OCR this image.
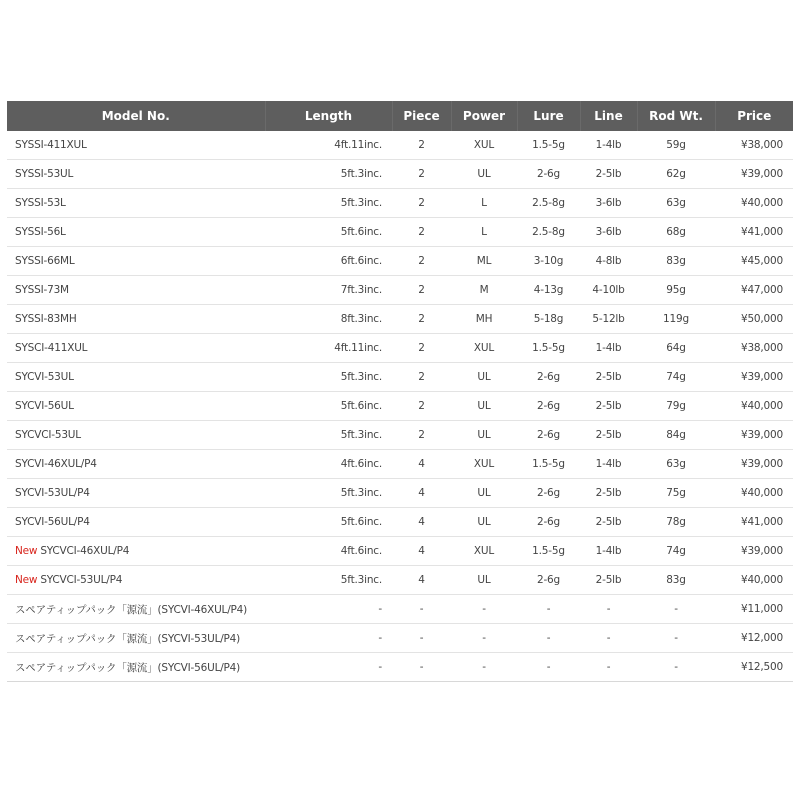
Model No.	Length	Piece	Power	Lure	Line	Rod Wt.	Price
SYSSI-411XUL	4ft.11inc.	2	XUL	1.5-5g	1-4lb	59g	¥38,000
SYSSI-53UL	5ft.3inc.	2	UL	2-6g	2-5lb	62g	¥39,000
SYSSI-53L	5ft.3inc.	2	L	2.5-8g	3-6lb	63g	¥40,000
SYSSI-56L	5ft.6inc.	2	L	2.5-8g	3-6lb	68g	¥41,000
SYSSI-66ML	6ft.6inc.	2	ML	3-10g	4-8lb	83g	¥45,000
SYSSI-73M	7ft.3inc.	2	M	4-13g	4-10lb	95g	¥47,000
SYSSI-83MH	8ft.3inc.	2	MH	5-18g	5-12lb	119g	¥50,000
SYSCI-411XUL	4ft.11inc.	2	XUL	1.5-5g	1-4lb	64g	¥38,000
SYCVI-53UL	5ft.3inc.	2	UL	2-6g	2-5lb	74g	¥39,000
SYCVI-56UL	5ft.6inc.	2	UL	2-6g	2-5lb	79g	¥40,000
SYCVCI-53UL	5ft.3inc.	2	UL	2-6g	2-5lb	84g	¥39,000
SYCVI-46XUL/P4	4ft.6inc.	4	XUL	1.5-5g	1-4lb	63g	¥39,000
SYCVI-53UL/P4	5ft.3inc.	4	UL	2-6g	2-5lb	75g	¥40,000
SYCVI-56UL/P4	5ft.6inc.	4	UL	2-6g	2-5lb	78g	¥41,000
New SYCVCI-46XUL/P4	4ft.6inc.	4	XUL	1.5-5g	1-4lb	74g	¥39,000
New SYCVCI-53UL/P4	5ft.3inc.	4	UL	2-6g	2-5lb	83g	¥40,000
スペアティップパック「源流」(SYCVI-46XUL/P4)	-	-	-	-	-	-	¥11,000
スペアティップパック「源流」(SYCVI-53UL/P4)	-	-	-	-	-	-	¥12,000
スペアティップパック「源流」(SYCVI-56UL/P4)	-	-	-	-	-	-	¥12,500
